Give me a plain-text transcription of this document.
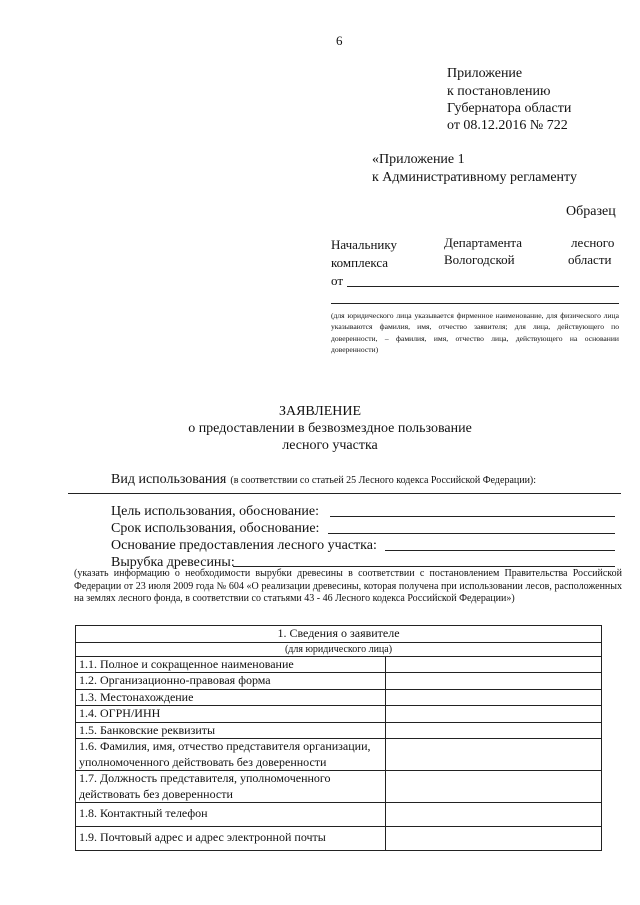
6
Приложение
к постановлению
Губернатора области
от 08.12.2016 № 722
«Приложение 1
к Административному регламенту
Образец
Начальнику	Департамента	лесного
комплекса	Вологодской	области
от
(для юридического лица указывается фирменное наименование, для физического лица указываются фамилия, имя, отчество заявителя; для лица, действующего по доверенности, – фамилия, имя, отчество лица, действующего на основании доверенности)
ЗАЯВЛЕНИЕ
о предоставлении в безвозмездное пользование
лесного участка
Вид использования (в соответствии со статьей 25 Лесного кодекса Российской Федерации):
Цель использования, обоснование:
Срок использования, обоснование:
Основание предоставления лесного участка:
Вырубка древесины:
(указать информацию о необходимости вырубки древесины в соответствии с постановлением Правительства Российской Федерации от 23 июля 2009 года № 604 «О реализации древесины, которая получена при использовании лесов, расположенных на землях лесного фонда, в соответствии со статьями 43 - 46 Лесного кодекса Российской Федерации»)
1. Сведения о заявителе	
(для юридического лица)	
1.1. Полное и сокращенное наименование	
1.2. Организационно-правовая форма	
1.3. Местонахождение	
1.4. ОГРН/ИНН	
1.5. Банковские реквизиты	
1.6. Фамилия, имя, отчество представителя организации, уполномоченного действовать без доверенности	
1.7. Должность представителя, уполномоченного действовать без доверенности	
1.8. Контактный телефон	
1.9. Почтовый адрес и адрес электронной почты	
